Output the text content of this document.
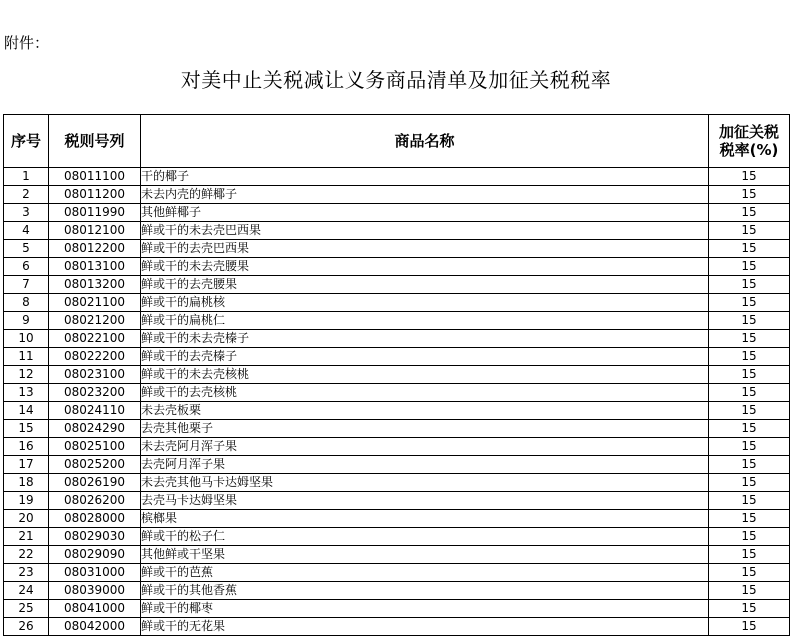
附件：
对美中止关税减让义务商品清单及加征关税税率
序号	税则号列	商品名称	加征关税
税率(%)
1	08011100	干的椰子	15
2	08011200	未去内壳的鲜椰子	15
3	08011990	其他鲜椰子	15
4	08012100	鲜或干的未去壳巴西果	15
5	08012200	鲜或干的去壳巴西果	15
6	08013100	鲜或干的未去壳腰果	15
7	08013200	鲜或干的去壳腰果	15
8	08021100	鲜或干的扁桃核	15
9	08021200	鲜或干的扁桃仁	15
10	08022100	鲜或干的未去壳榛子	15
11	08022200	鲜或干的去壳榛子	15
12	08023100	鲜或干的未去壳核桃	15
13	08023200	鲜或干的去壳核桃	15
14	08024110	未去壳板栗	15
15	08024290	去壳其他栗子	15
16	08025100	未去壳阿月浑子果	15
17	08025200	去壳阿月浑子果	15
18	08026190	未去壳其他马卡达姆坚果	15
19	08026200	去壳马卡达姆坚果	15
20	08028000	槟榔果	15
21	08029030	鲜或干的松子仁	15
22	08029090	其他鲜或干坚果	15
23	08031000	鲜或干的芭蕉	15
24	08039000	鲜或干的其他香蕉	15
25	08041000	鲜或干的椰枣	15
26	08042000	鲜或干的无花果	15
